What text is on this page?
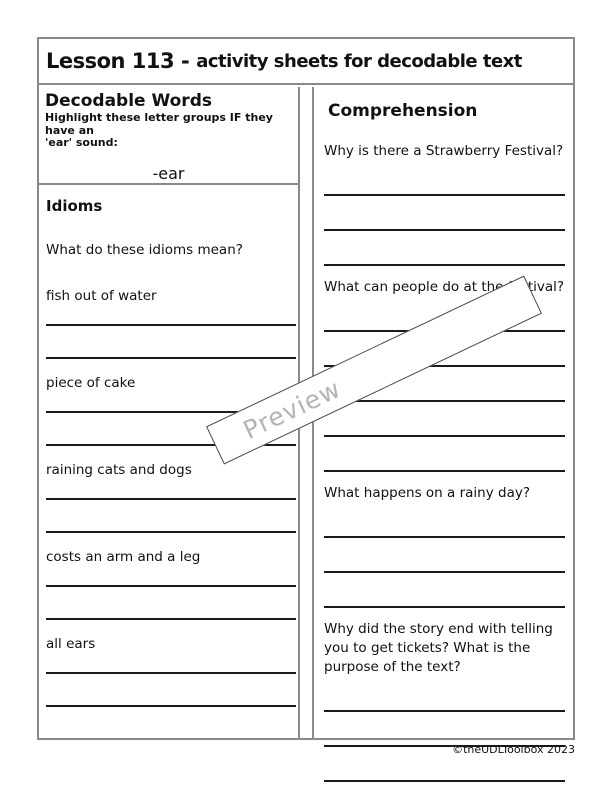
Lesson 113 - activity sheets for decodable text
Decodable Words

Highlight these letter groups IF they have an
'ear' sound:

-ear
Idioms

What do these idioms mean?

fish out of water
piece of cake
raining cats and dogs
costs an arm and a leg
all ears
Comprehension
Why is there a Strawberry Festival?
What can people do at the festival?
What happens on a rainy day?
Why did the story end with telling you to get tickets? What is the purpose of the text?
Preview
©theUDLToolbox 2023
